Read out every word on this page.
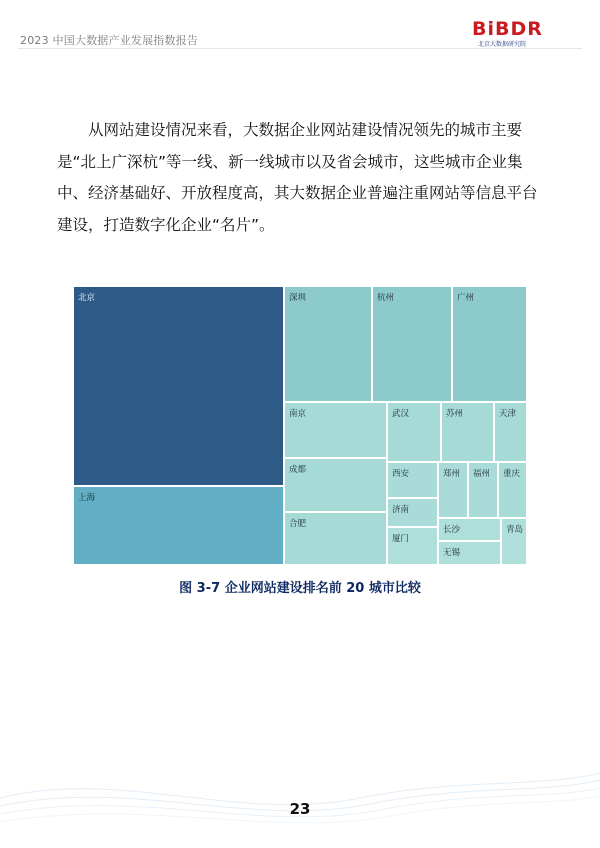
2023 中国大数据产业发展指数报告
BiBDR
北京大数据研究院
从网站建设情况来看，大数据企业网站建设情况领先的城市主要是“北上广深杭”等一线、新一线城市以及省会城市，这些城市企业集中、经济基础好、开放程度高，其大数据企业普遍注重网站等信息平台建设，打造数字化企业“名片”。
北京
上海
深圳	杭州	广州
南京
成都
合肥
武汉	苏州	天津
西安	郑州 福州 重庆
济南
长沙	青岛
厦门
无锡
图 3-7 企业网站建设排名前 20 城市比较
23
